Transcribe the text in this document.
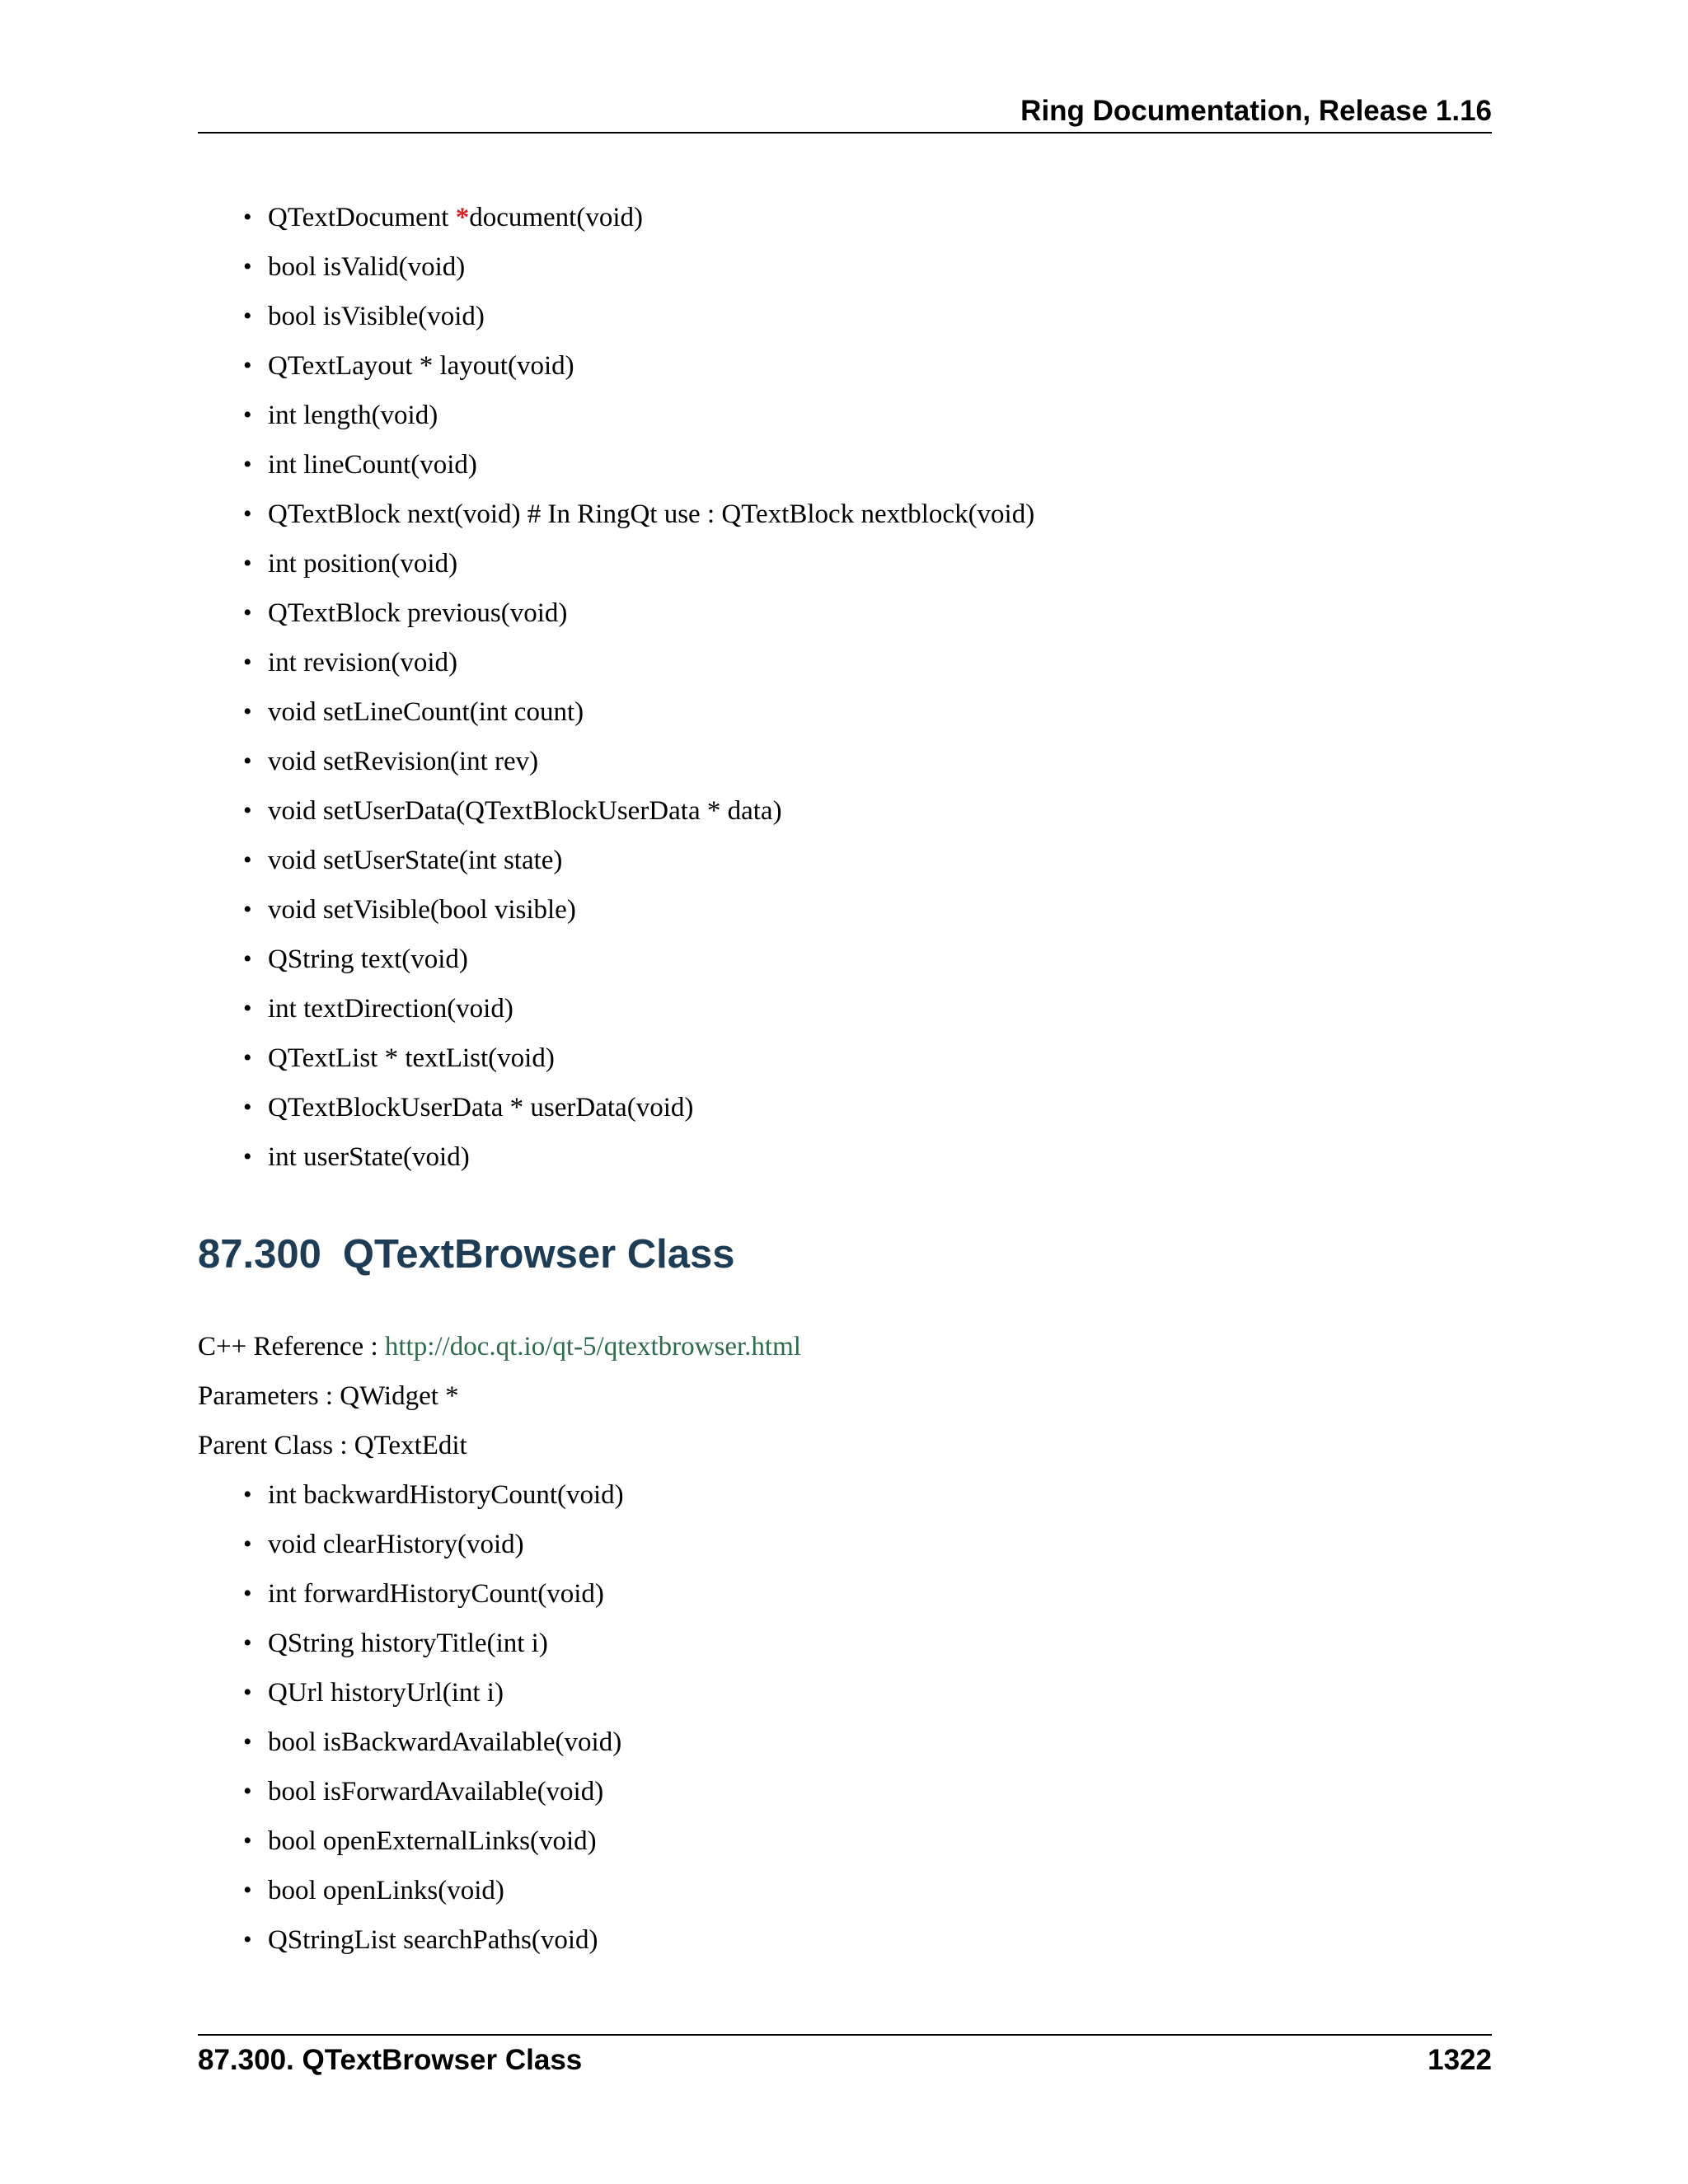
Ring Documentation, Release 1.16
• QTextDocument *document(void)
• bool isValid(void)
• bool isVisible(void)
• QTextLayout * layout(void)
• int length(void)
• int lineCount(void)
• QTextBlock next(void) # In RingQt use : QTextBlock nextblock(void)
• int position(void)
• QTextBlock previous(void)
• int revision(void)
• void setLineCount(int count)
• void setRevision(int rev)
• void setUserData(QTextBlockUserData * data)
• void setUserState(int state)
• void setVisible(bool visible)
• QString text(void)
• int textDirection(void)
• QTextList * textList(void)
• QTextBlockUserData * userData(void)
• int userState(void)
87.300 QTextBrowser Class
C++ Reference : http://doc.qt.io/qt-5/qtextbrowser.html
Parameters : QWidget *
Parent Class : QTextEdit
• int backwardHistoryCount(void)
• void clearHistory(void)
• int forwardHistoryCount(void)
• QString historyTitle(int i)
• QUrl historyUrl(int i)
• bool isBackwardAvailable(void)
• bool isForwardAvailable(void)
• bool openExternalLinks(void)
• bool openLinks(void)
• QStringList searchPaths(void)
87.300. QTextBrowser Class	1322
